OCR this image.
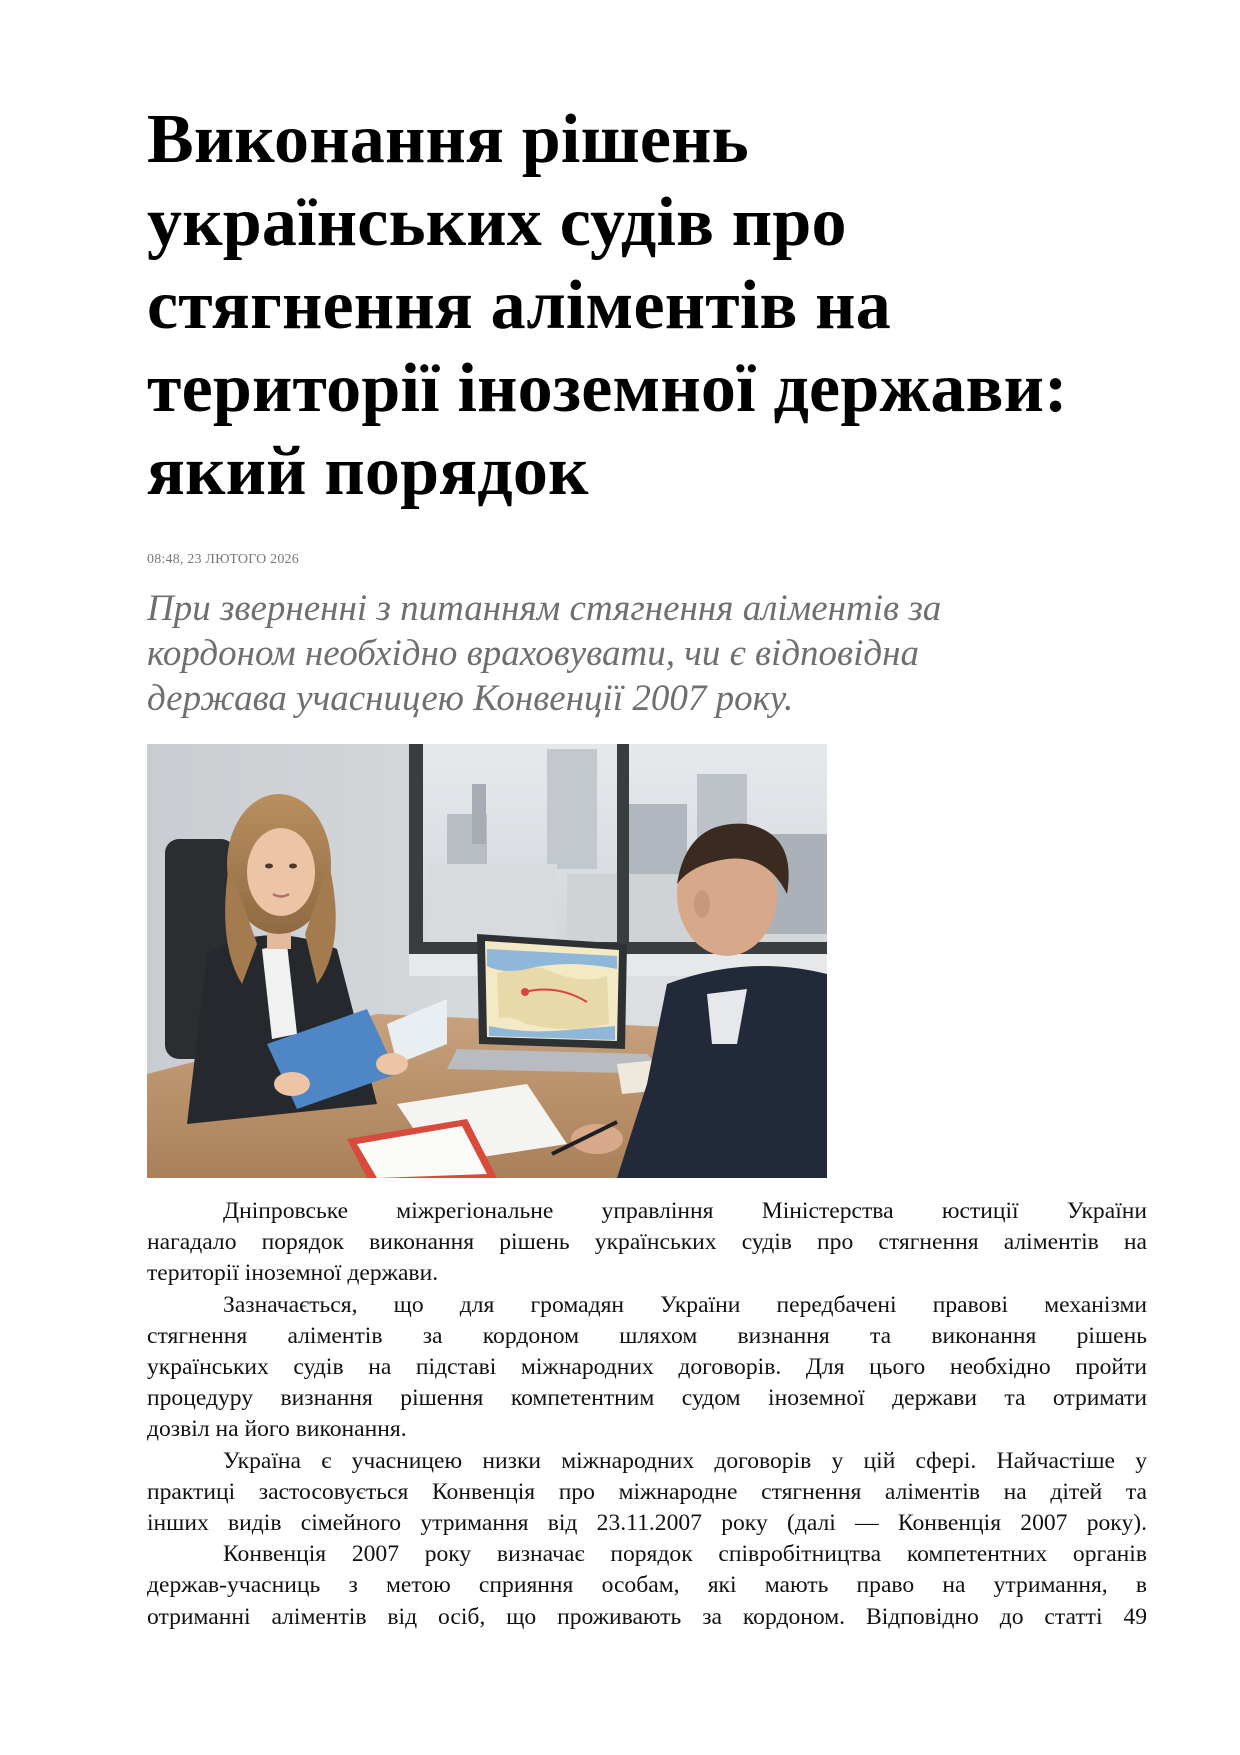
Виконання рішень
українських судів про
стягнення аліментів на
території іноземної держави:
який порядок
08:48, 23 ЛЮТОГО 2026
При зверненні з питанням стягнення аліментів за
кордоном необхідно враховувати, чи є відповідна
держава учасницею Конвенції 2007 року.
Дніпровське міжрегіональне управління Міністерства юстиції України
нагадало порядок виконання рішень українських судів про стягнення аліментів на
території іноземної держави.
Зазначається, що для громадян України передбачені правові механізми
стягнення аліментів за кордоном шляхом визнання та виконання рішень
українських судів на підставі міжнародних договорів. Для цього необхідно пройти
процедуру визнання рішення компетентним судом іноземної держави та отримати
дозвіл на його виконання.
Україна є учасницею низки міжнародних договорів у цій сфері. Найчастіше у
практиці застосовується Конвенція про міжнародне стягнення аліментів на дітей та
інших видів сімейного утримання від 23.11.2007 року (далі — Конвенція 2007 року).
Конвенція 2007 року визначає порядок співробітництва компетентних органів
держав-учасниць з метою сприяння особам, які мають право на утримання, в
отриманні аліментів від осіб, що проживають за кордоном. Відповідно до статті 49
